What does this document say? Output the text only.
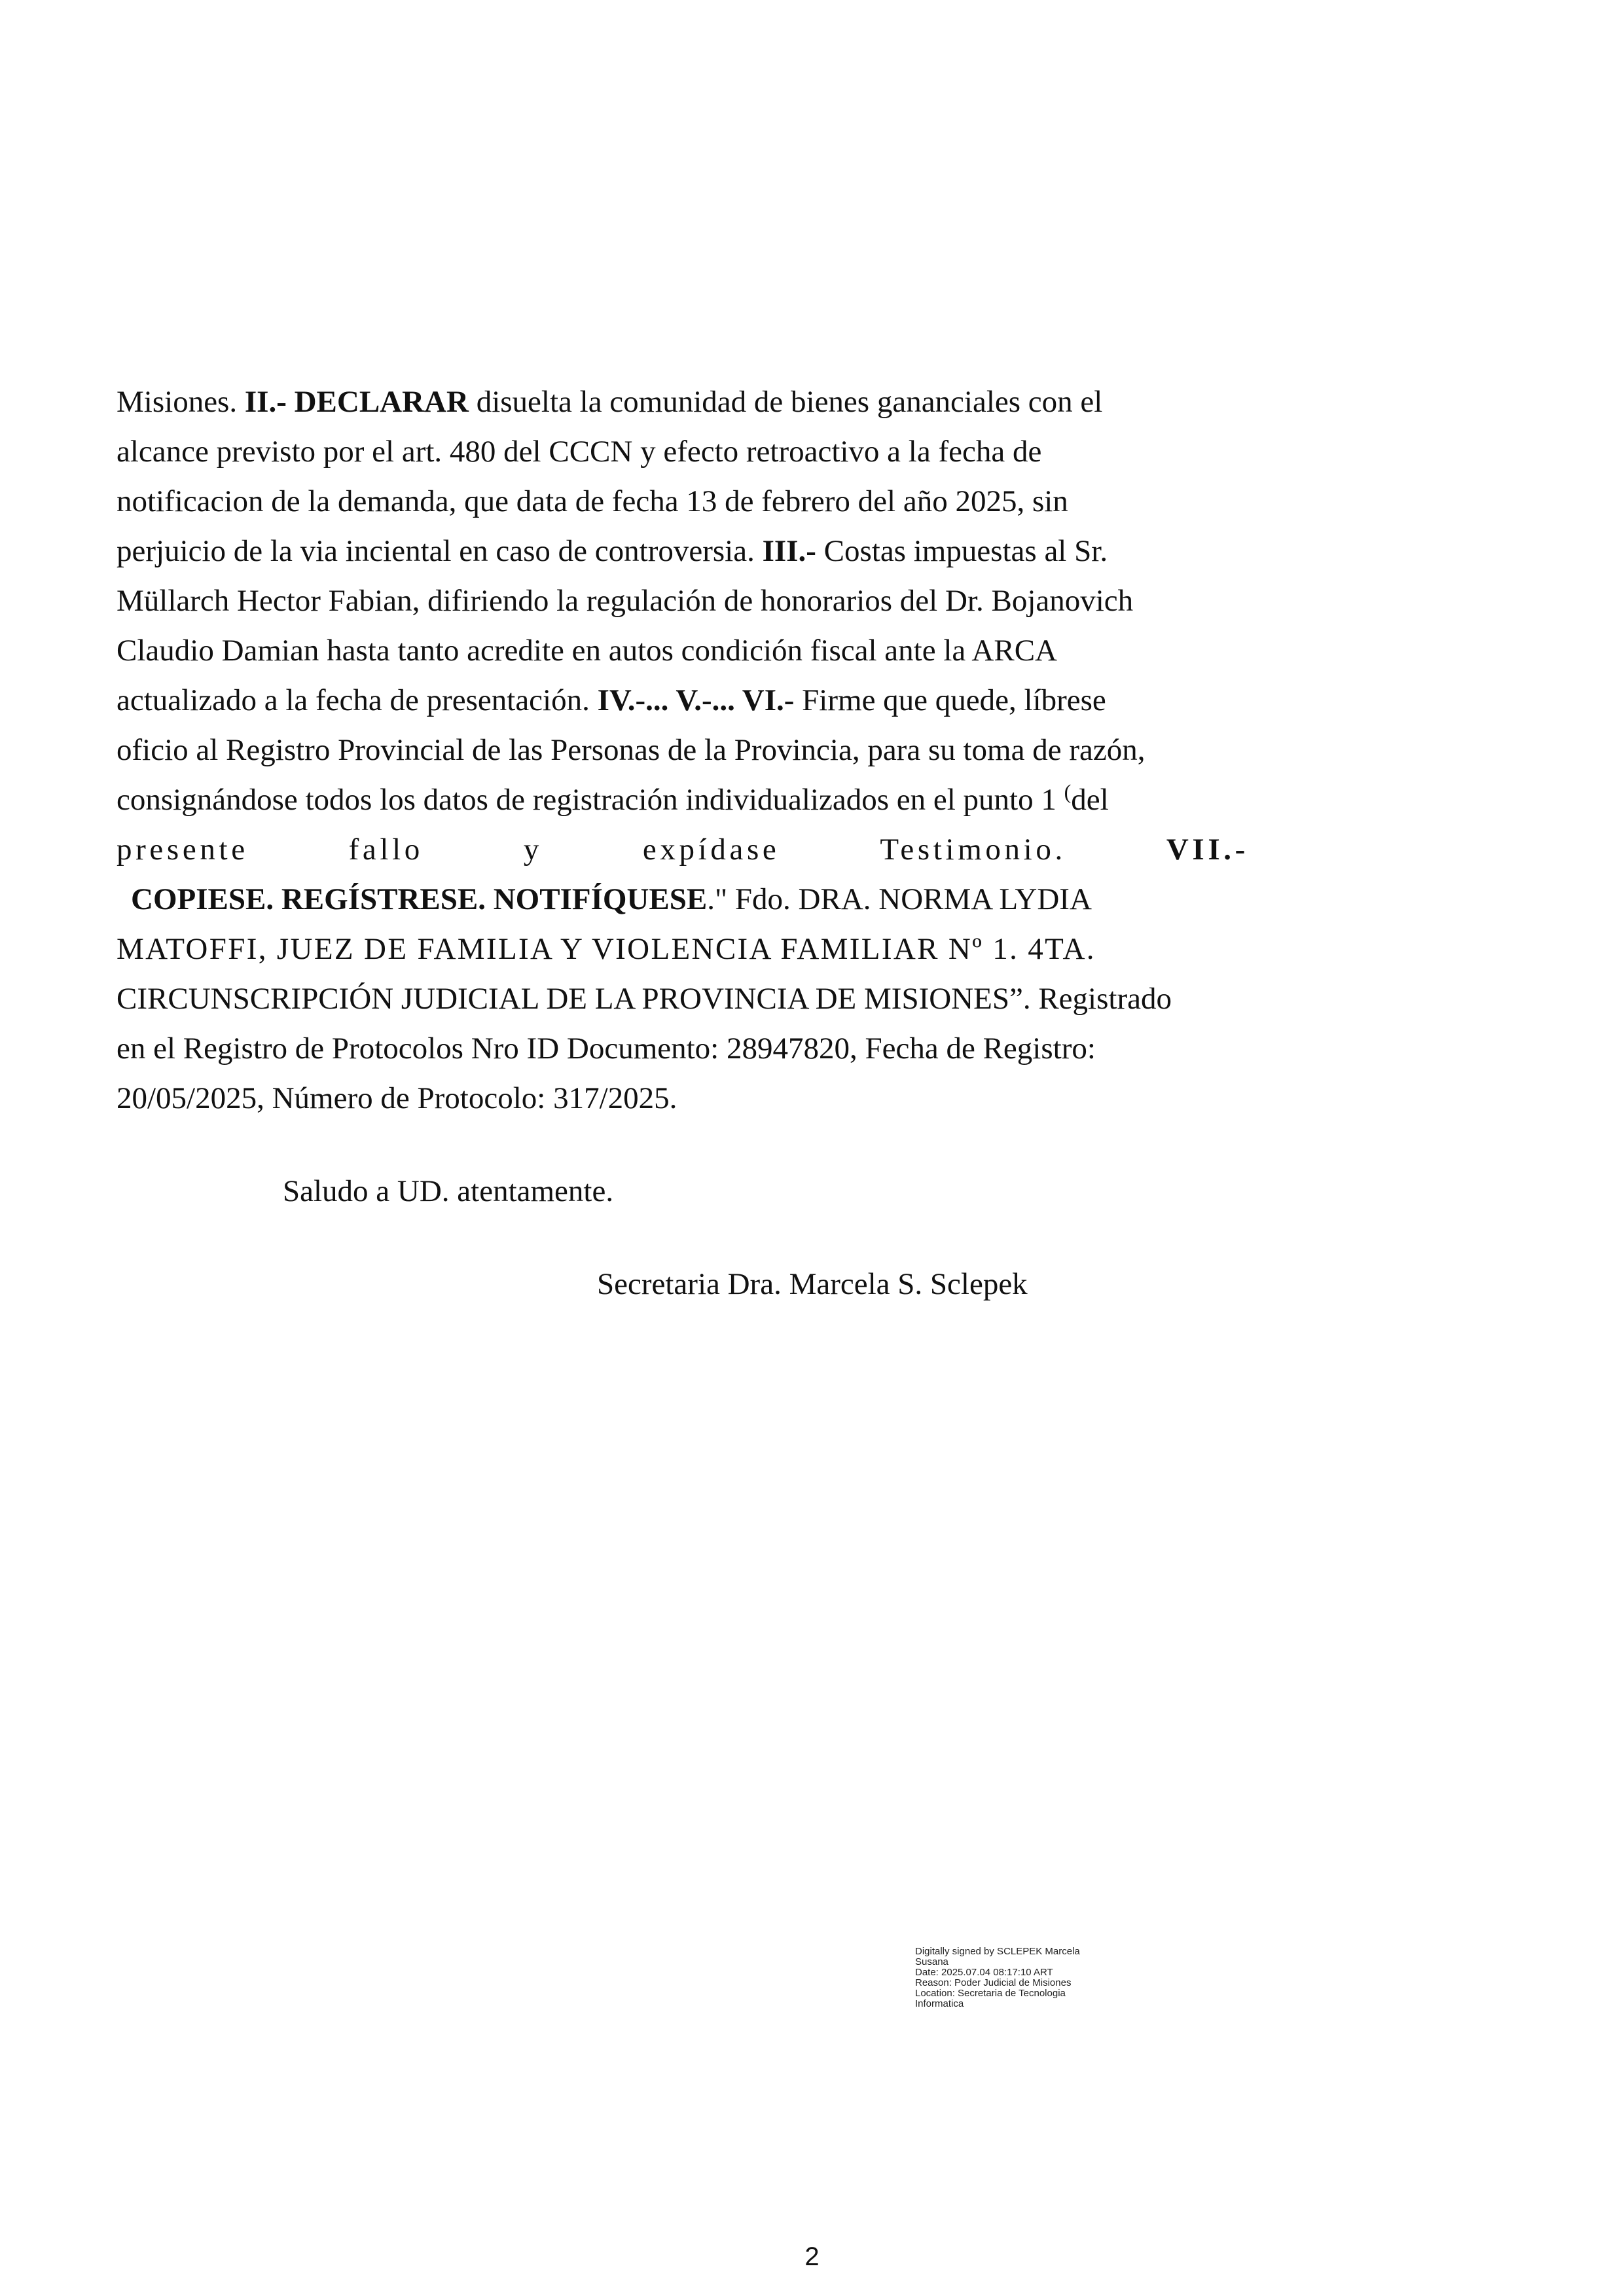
Misiones. II.- DECLARAR disuelta la comunidad de bienes gananciales con el

alcance previsto por el art. 480 del CCCN y efecto retroactivo a la fecha de

notificacion de la demanda, que data de fecha 13 de febrero del año 2025, sin

perjuicio de la via inciental en caso de controversia. III.- Costas impuestas al Sr.

Müllarch Hector Fabian, difiriendo la regulación de honorarios del Dr. Bojanovich

Claudio Damian hasta tanto acredite en autos condición fiscal ante la ARCA

actualizado a la fecha de presentación. IV.-... V.-... VI.- Firme que quede, líbrese

oficio al Registro Provincial de las Personas de la Provincia, para su toma de razón,

consignándose todos los datos de registración individualizados en el punto 1 (del

presente	fallo	y	expídase	Testimonio.	VII.-

COPIESE. REGÍSTRESE. NOTIFÍQUESE." Fdo. DRA. NORMA LYDIA

MATOFFI, JUEZ DE FAMILIA Y VIOLENCIA FAMILIAR Nº 1. 4TA.

CIRCUNSCRIPCIÓN JUDICIAL DE LA PROVINCIA DE MISIONES”. Registrado

en el Registro de Protocolos Nro ID Documento: 28947820, Fecha de Registro:

20/05/2025, Número de Protocolo: 317/2025.

Saludo a UD. atentamente.
Secretaria Dra. Marcela S. Sclepek
Digitally signed by SCLEPEK Marcela
Susana
Date: 2025.07.04 08:17:10 ART
Reason: Poder Judicial de Misiones
Location: Secretaria de Tecnologia
Informatica
2
